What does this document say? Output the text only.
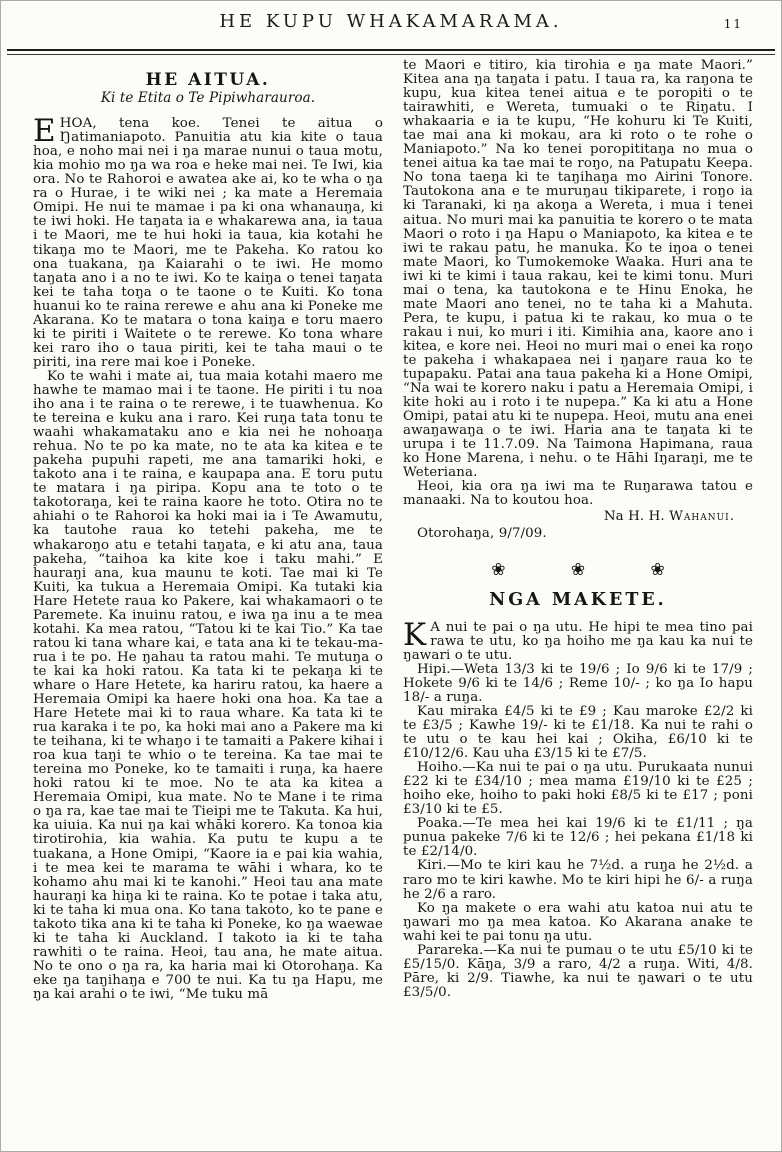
HE KUPU WHAKAMARAMA.	11
HE AITUA.
Ki te Etita o Te Pipiwharauroa.

EHOA, tena koe. Tenei te aitua o Ŋatimaniapoto. Panuitia atu kia kite o taua hoa, e noho mai nei i ŋa marae nunui o taua motu, kia mohio mo ŋa wa roa e heke mai nei. Te Iwi, kia ora. No te Rahoroi e awatea ake ai, ko te wha o ŋa ra o Hurae, i te wiki nei ; ka mate a Heremaia Omipi. He nui te mamae i pa ki ona whanauŋa, ki te iwi hoki. He taŋata ia e whakarewa ana, ia taua i te Maori, me te hui hoki ia taua, kia kotahi he tikaŋa mo te Maori, me te Pakeha. Ko ratou ko ona tuakana, ŋa Kaiarahi o te iwi. He momo taŋata ano i a no te iwi. Ko te kaiŋa o tenei taŋata kei te taha toŋa o te taone o te Kuiti. Ko tona huanui ko te raina rerewe e ahu ana ki Poneke me Akarana. Ko te matara o tona kaiŋa e toru maero ki te piriti i Waitete o te rerewe. Ko tona whare kei raro iho o taua piriti, kei te taha maui o te piriti, ina rere mai koe i Poneke.

Ko te wahi i mate ai, tua maia kotahi maero me hawhe te mamao mai i te taone. He piriti i tu noa iho ana i te raina o te rerewe, i te tuawhenua. Ko te tereina e kuku ana i raro. Kei ruŋa tata tonu te waahi whakamataku ano e kia nei he nohoaŋa rehua. No te po ka mate, no te ata ka kitea e te pakeha pupuhi rapeti, me ana tamariki hoki, e takoto ana i te raina, e kaupapa ana. E toru putu te matara i ŋa piripa. Kopu ana te toto o te takotoraŋa, kei te raina kaore he toto. Otira no te ahiahi o te Rahoroi ka hoki mai ia i Te Awamutu, ka tautohe raua ko tetehi pakeha, me te whakaroŋo atu e tetahi taŋata, e ki atu ana, taua pakeha, “taihoa ka kite koe i taku mahi.” E hauraŋi ana, kua maunu te koti. Tae mai ki Te Kuiti, ka tukua a Heremaia Omipi. Ka tutaki kia Hare Hetete raua ko Pakere, kai whakamaori o te Paremete. Ka inuinu ratou, e iwa ŋa inu a te mea kotahi. Ka mea ratou, “Tatou ki te kai Tio.” Ka tae ratou ki tana whare kai, e tata ana ki te tekau-ma-rua i te po. He ŋahau ta ratou mahi. Te mutuŋa o te kai ka hoki ratou. Ka tata ki te pekaŋa ki te whare o Hare Hetete, ka hariru ratou, ka haere a Heremaia Omipi ka haere hoki ona hoa. Ka tae a Hare Hetete mai ki to raua whare. Ka tata ki te rua karaka i te po, ka hoki mai ano a Pakere ma ki te teihana, ki te whaŋo i te tamaiti a Pakere kihai i roa kua taŋi te whio o te tereina. Ka tae mai te tereina mo Poneke, ko te tamaiti i ruŋa, ka haere hoki ratou ki te moe. No te ata ka kitea a Heremaia Omipi, kua mate. No te Mane i te rima o ŋa ra, kae tae mai te Tieipi me te Takuta. Ka hui, ka uiuia. Ka nui ŋa kai whāki korero. Ka tonoa kia tirotirohia, kia wahia. Ka putu te kupu a te tuakana, a Hone Omipi, “Kaore ia e pai kia wahia, i te mea kei te marama te wāhi i whara, ko te kohamo ahu mai ki te kanohi.” Heoi tau ana mate hauraŋi ka hiŋa ki te raina. Ko te potae i taka atu, ki te taha ki mua ona. Ko tana takoto, ko te pane e takoto tika ana ki te taha ki Poneke, ko ŋa waewae ki te taha ki Auckland. I takoto ia ki te taha rawhiti o te raina. Heoi, tau ana, he mate aitua. No te ono o ŋa ra, ka haria mai ki Otorohaŋa. Ka eke ŋa taŋihaŋa e 700 te nui. Ka tu ŋa Hapu, me ŋa kai arahi o te iwi, “Me tuku mā

te Maori e titiro, kia tirohia e ŋa mate Maori.” Kitea ana ŋa taŋata i patu. I taua ra, ka raŋona te kupu, kua kitea tenei aitua e te poropiti o te tairawhiti, e Wereta, tumuaki o te Riŋatu. I whakaaria e ia te kupu, “He kohuru ki Te Kuiti, tae mai ana ki mokau, ara ki roto o te rohe o Maniapoto.” Na ko tenei poropititaŋa no mua o tenei aitua ka tae mai te roŋo, na Patupatu Keepa. No tona taeŋa ki te taŋihaŋa mo Airini Tonore. Tautokona ana e te muruŋau tikiparete, i roŋo ia ki Taranaki, ki ŋa akoŋa a Wereta, i mua i tenei aitua. No muri mai ka panuitia te korero o te mata Maori o roto i ŋa Hapu o Maniapoto, ka kitea e te iwi te rakau patu, he manuka. Ko te iŋoa o tenei mate Maori, ko Tumokemoke Waaka. Huri ana te iwi ki te kimi i taua rakau, kei te kimi tonu. Muri mai o tena, ka tautokona e te Hinu Enoka, he mate Maori ano tenei, no te taha ki a Mahuta. Pera, te kupu, i patua ki te rakau, ko mua o te rakau i nui, ko muri i iti. Kimihia ana, kaore ano i kitea, e kore nei. Heoi no muri mai o enei ka roŋo te pakeha i whakapaea nei i ŋaŋare raua ko te tupapaku. Patai ana taua pakeha ki a Hone Omipi, “Na wai te korero naku i patu a Heremaia Omipi, i kite hoki au i roto i te nupepa.” Ka ki atu a Hone Omipi, patai atu ki te nupepa. Heoi, mutu ana enei awaŋawaŋa o te iwi. Haria ana te taŋata ki te urupa i te 11.7.09. Na Taimona Hapimana, raua ko Hone Marena, i nehu. o te Hāhi Iŋaraŋi, me te Weteriana.

Heoi, kia ora ŋa iwi ma te Ruŋarawa tatou e manaaki. Na to koutou hoa.

Na H. H. Wahanui.
Otorohaŋa, 9/7/09.
❀ ❀ ❀
NGA MAKETE.

K A nui te pai o ŋa utu. He hipi te mea tino pai rawa te utu, ko ŋa hoiho me ŋa kau ka nui te ŋawari o te utu.

Hipi.—Weta 13/3 ki te 19/6 ; Io 9/6 ki te 17/9 ; Hokete 9/6 ki te 14/6 ; Reme 10/- ; ko ŋa Io hapu 18/- a ruŋa.

Kau miraka £4/5 ki te £9 ; Kau maroke £2/2 ki te £3/5 ; Kawhe 19/- ki te £1/18. Ka nui te rahi o te utu o te kau hei kai ; Okiha, £6/10 ki te £10/12/6. Kau uha £3/15 ki te £7/5.

Hoiho.—Ka nui te pai o ŋa utu. Purukaata nunui £22 ki te £34/10 ; mea mama £19/10 ki te £25 ; hoiho eke, hoiho to paki hoki £8/5 ki te £17 ; poni £3/10 ki te £5.

Poaka.—Te mea hei kai 19/6 ki te £1/11 ; ŋa punua pakeke 7/6 ki te 12/6 ; hei pekana £1/18 ki te £2/14/0.

Kiri.—Mo te kiri kau he 7½d. a ruŋa he 2½d. a raro mo te kiri kawhe. Mo te kiri hipi he 6/- a ruŋa he 2/6 a raro.

Ko ŋa makete o era wahi atu katoa nui atu te ŋawari mo ŋa mea katoa. Ko Akarana anake te wahi kei te pai tonu ŋa utu.

Parareka.—Ka nui te pumau o te utu £5/10 ki te £5/15/0. Kāŋa, 3/9 a raro, 4/2 a ruŋa. Witi, 4/8. Pāre, ki 2/9. Tiawhe, ka nui te ŋawari o te utu £3/5/0.
